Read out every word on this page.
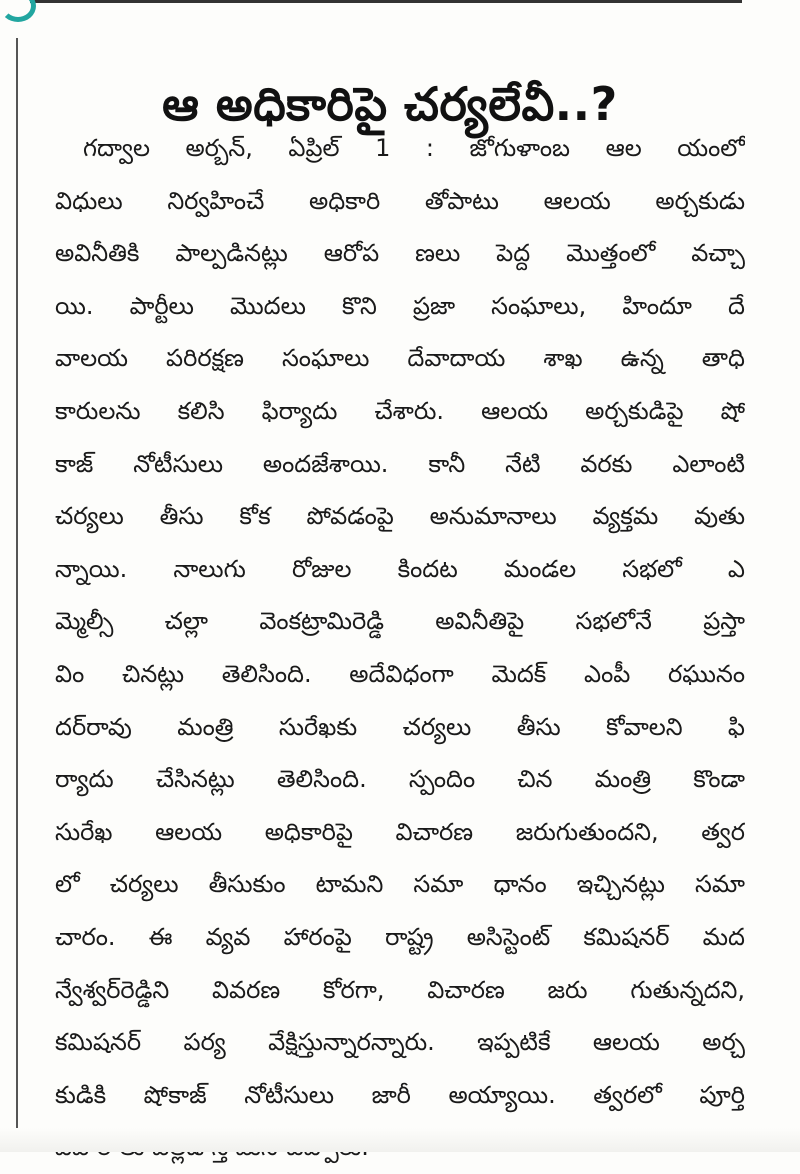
ఆ అధికారిపై చర్యలేవీ..?
గద్వాల అర్బన్, ఏప్రిల్ 1 : జోగుళాంబ ఆల యంలో
విధులు నిర్వహించే అధికారి తోపాటు ఆలయ అర్చకుడు
అవినీతికి పాల్పడినట్లు ఆరోప ణలు పెద్ద మొత్తంలో వచ్చా
యి. పార్టీలు మొదలు కొని ప్రజా సంఘాలు, హిందూ దే
వాలయ పరిరక్షణ సంఘాలు దేవాదాయ శాఖ ఉన్న తాధి
కారులను కలిసి ఫిర్యాదు చేశారు. ఆలయ అర్చకుడిపై షో
కాజ్ నోటీసులు అందజేశాయి. కానీ నేటి వరకు ఎలాంటి
చర్యలు తీసు కోక పోవడంపై అనుమానాలు వ్యక్తమ వుతు
న్నాయి. నాలుగు రోజుల కిందట మండల సభలో ఎ
మ్మెల్సీ చల్లా వెంకట్రామిరెడ్డి అవినీతిపై సభలోనే ప్రస్తా
విం చినట్లు తెలిసింది. అదేవిధంగా మెదక్ ఎంపీ రఘునం
దర్‌రావు మంత్రి సురేఖకు చర్యలు తీసు కోవాలని ఫి
ర్యాదు చేసినట్లు తెలిసింది. స్పందిం చిన మంత్రి కొండా
సురేఖ ఆలయ అధికారిపై విచారణ జరుగుతుందని, త్వర
లో చర్యలు తీసుకుం టామని సమా ధానం ఇచ్చినట్లు సమా
చారం. ఈ వ్యవ హారంపై రాష్ట్ర అసిస్టెంట్ కమిషనర్ మద
న్వేశ్వర్‌రెడ్డిని వివరణ కోరగా, విచారణ జరు గుతున్నదని,
కమిషనర్ పర్య వేక్షిస్తున్నారన్నారు. ఇప్పటికే ఆలయ అర్చ
కుడికి షోకాజ్ నోటీసులు జారీ అయ్యాయి. త్వరలో పూర్తి
